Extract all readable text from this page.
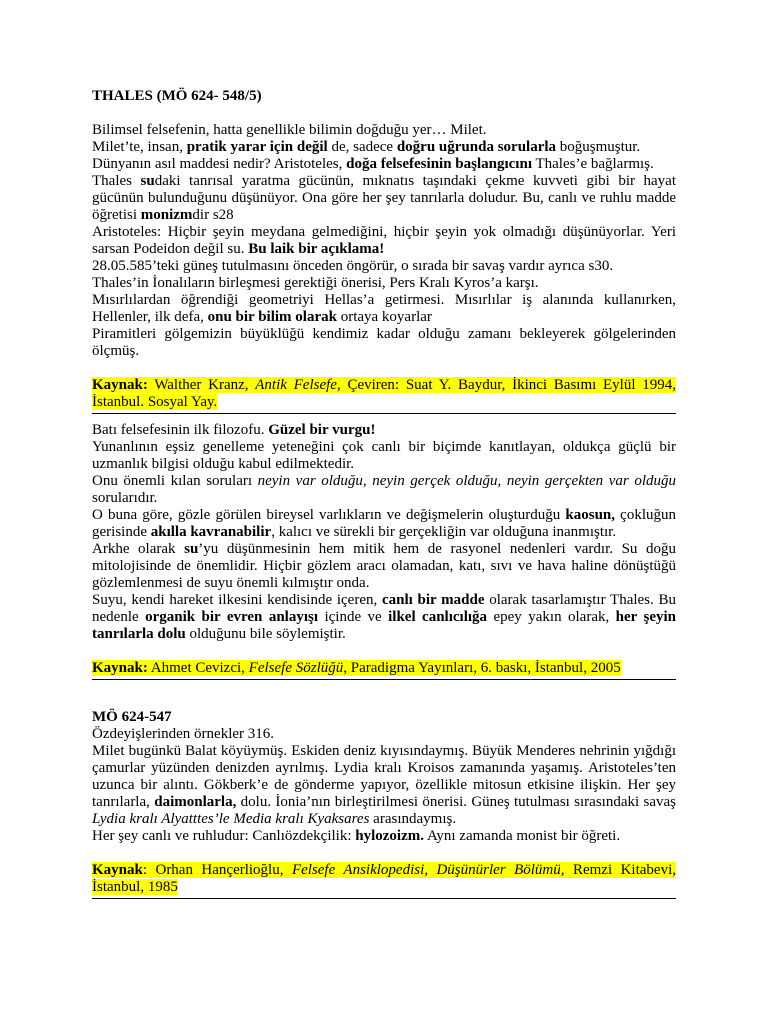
THALES (MÖ 624- 548/5)

Bilimsel felsefenin, hatta genellikle bilimin doğduğu yer… Milet.

Milet’te, insan, pratik yarar için değil de, sadece doğru uğrunda sorularla boğuşmuştur.

Dünyanın asıl maddesi nedir? Aristoteles, doğa felsefesinin başlangıcını Thales’e bağlarmış.

Thales sudaki tanrısal yaratma gücünün, mıknatıs taşındaki çekme kuvveti gibi bir hayat gücünün bulunduğunu düşünüyor. Ona göre her şey tanrılarla doludur. Bu, canlı ve ruhlu madde öğretisi monizmdir s28

Aristoteles: Hiçbir şeyin meydana gelmediğini, hiçbir şeyin yok olmadığı düşünüyorlar. Yeri sarsan Podeidon değil su. Bu laik bir açıklama!

28.05.585’teki güneş tutulmasını önceden öngörür, o sırada bir savaş vardır ayrıca s30.

Thales’in İonalıların birleşmesi gerektiği önerisi, Pers Kralı Kyros’a karşı.

Mısırlılardan öğrendiği geometriyi Hellas’a getirmesi. Mısırlılar iş alanında kullanırken, Hellenler, ilk defa, onu bir bilim olarak ortaya koyarlar

Piramitleri gölgemizin büyüklüğü kendimiz kadar olduğu zamanı bekleyerek gölgelerinden ölçmüş.

Kaynak: Walther Kranz, Antik Felsefe, Çeviren: Suat Y. Baydur, İkinci Basımı Eylül 1994, İstanbul. Sosyal Yay.

Batı felsefesinin ilk filozofu. Güzel bir vurgu!

Yunanlının eşsiz genelleme yeteneğini çok canlı bir biçimde kanıtlayan, oldukça güçlü bir uzmanlık bilgisi olduğu kabul edilmektedir.

Onu önemli kılan soruları neyin var olduğu, neyin gerçek olduğu, neyin gerçekten var olduğu sorularıdır.

O buna göre, gözle görülen bireysel varlıkların ve değişmelerin oluşturduğu kaosun, çokluğun gerisinde akılla kavranabilir, kalıcı ve sürekli bir gerçekliğin var olduğuna inanmıştır.

Arkhe olarak su’yu düşünmesinin hem mitik hem de rasyonel nedenleri vardır. Su doğu mitolojisinde de önemlidir. Hiçbir gözlem aracı olamadan, katı, sıvı ve hava haline dönüştüğü gözlemlenmesi de suyu önemli kılmıştır onda.

Suyu, kendi hareket ilkesini kendisinde içeren, canlı bir madde olarak tasarlamıştır Thales. Bu nedenle organik bir evren anlayışı içinde ve ilkel canlıcılığa epey yakın olarak, her şeyin tanrılarla dolu olduğunu bile söylemiştir.

Kaynak: Ahmet Cevizci, Felsefe Sözlüğü, Paradigma Yayınları, 6. baskı, İstanbul, 2005

MÖ 624-547

Özdeyişlerinden örnekler 316.

Milet bugünkü Balat köyüymüş. Eskiden deniz kıyısındaymış. Büyük Menderes nehrinin yığdığı çamurlar yüzünden denizden ayrılmış. Lydia kralı Kroisos zamanında yaşamış. Aristoteles’ten uzunca bir alıntı. Gökberk’e de gönderme yapıyor, özellikle mitosun etkisine ilişkin. Her şey tanrılarla, daimonlarla, dolu. İonia’nın birleştirilmesi önerisi. Güneş tutulması sırasındaki savaş Lydia kralı Alyatttes’le Media kralı Kyaksares arasındaymış.

Her şey canlı ve ruhludur: Canlıözdekçilik: hylozoizm. Aynı zamanda monist bir öğreti.

Kaynak: Orhan Hançerlioğlu, Felsefe Ansiklopedisi, Düşünürler Bölümü, Remzi Kitabevi, İstanbul, 1985
